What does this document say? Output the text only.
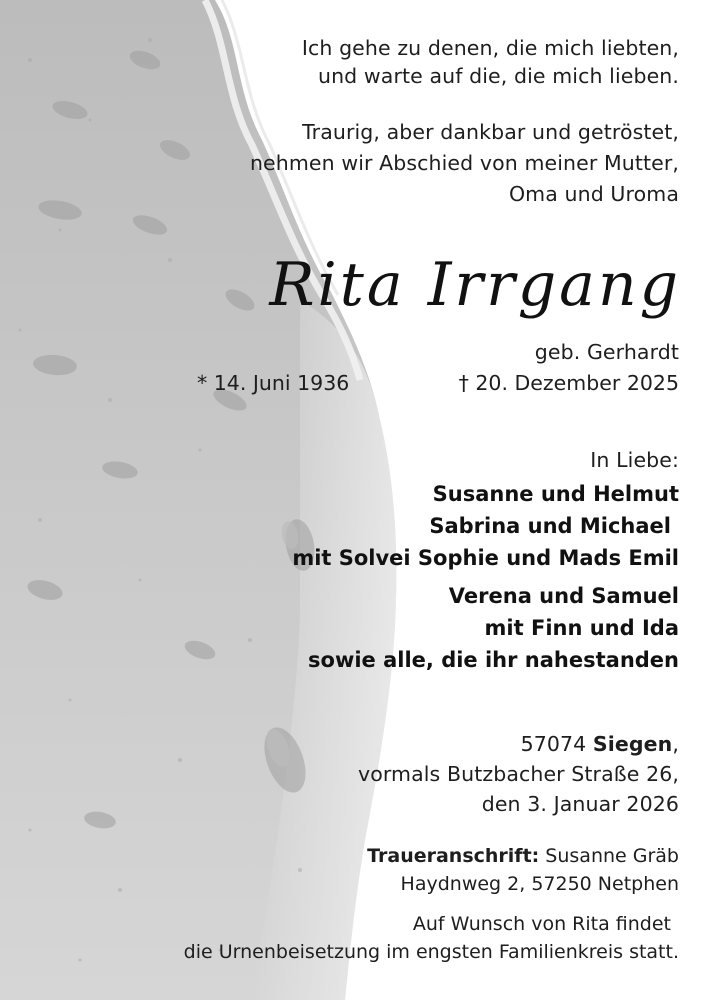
Ich gehe zu denen, die mich liebten,
und warte auf die, die mich lieben.
Traurig, aber dankbar und getröstet,
nehmen wir Abschied von meiner Mutter,
Oma und Uroma
Rita Irrgang
geb. Gerhardt
* 14. Juni 1936	† 20. Dezember 2025
In Liebe:
Susanne und Helmut
Sabrina und Michael
mit Solvei Sophie und Mads Emil
Verena und Samuel
mit Finn und Ida
sowie alle, die ihr nahestanden
57074 Siegen,
vormals Butzbacher Straße 26,
den 3. Januar 2026
Traueranschrift: Susanne Gräb
Haydnweg 2, 57250 Netphen
Auf Wunsch von Rita findet
die Urnenbeisetzung im engsten Familienkreis statt.
